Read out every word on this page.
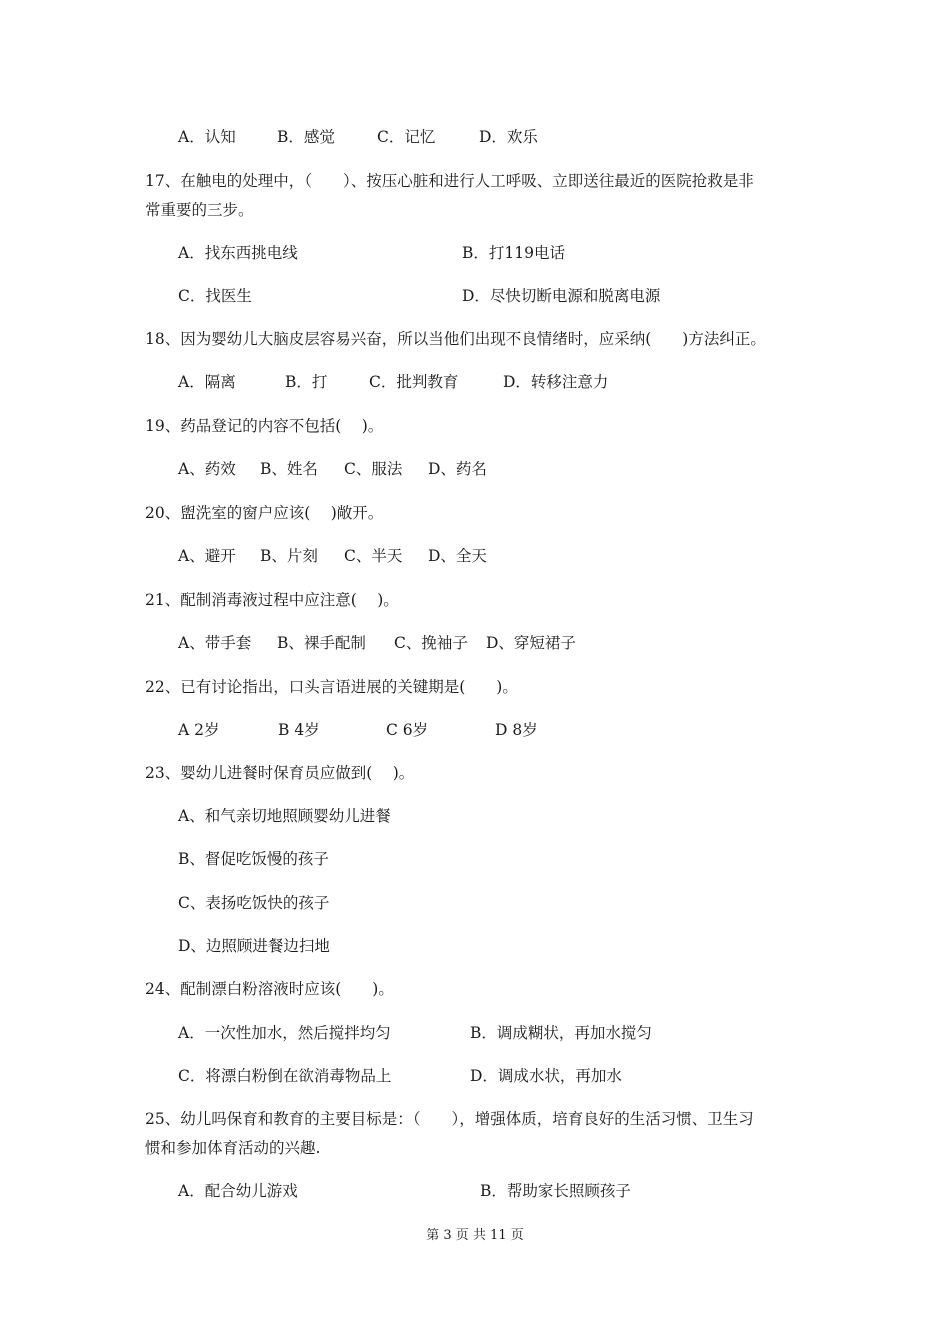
A．认知	B．感觉	C．记忆	D．欢乐
17、在触电的处理中，（　　）、按压心脏和进行人工呼吸、立即送往最近的医院抢救是非
常重要的三步。
A．找东西挑电线	B．打119电话
C．找医生	D．尽快切断电源和脱离电源
18、因为婴幼儿大脑皮层容易兴奋，所以当他们出现不良情绪时，应采纳(　　)方法纠正。
A．隔离	B．打	C．批判教育	D．转移注意力
19、药品登记的内容不包括(　 )。
A、药效 B、姓名 C、服法 D、药名
20、盥洗室的窗户应该(　 )敞开。
A、避开 B、片刻 C、半天 D、全天
21、配制消毒液过程中应注意(　 )。
A、带手套 B、裸手配制 C、挽袖子 D、穿短裙子
22、已有讨论指出，口头言语进展的关键期是(　　)。
A 2岁	B 4岁	C 6岁	D 8岁
23、婴幼儿进餐时保育员应做到(　 )。
A、和气亲切地照顾婴幼儿进餐
B、督促吃饭慢的孩子
C、表扬吃饭快的孩子
D、边照顾进餐边扫地
24、配制漂白粉溶液时应该(　　)。
A．一次性加水，然后搅拌均匀	B．调成糊状，再加水搅匀
C．将漂白粉倒在欲消毒物品上	D．调成水状，再加水
25、幼儿吗保育和教育的主要目标是：（　　），增强体质，培育良好的生活习惯、卫生习
惯和参加体育活动的兴趣.
A．配合幼儿游戏	B．帮助家长照顾孩子
第 3 页 共 11 页
